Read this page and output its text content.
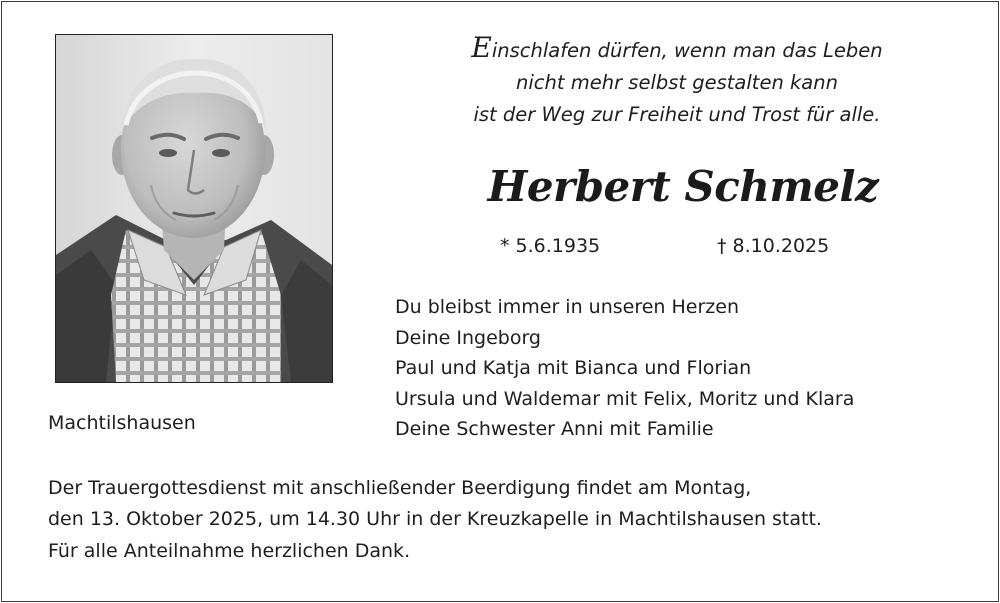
Einschlafen dürfen, wenn man das Leben
nicht mehr selbst gestalten kann
ist der Weg zur Freiheit und Trost für alle.
Herbert Schmelz
* 5.6.1935	† 8.10.2025
Du bleibst immer in unseren Herzen
Deine Ingeborg
Paul und Katja mit Bianca und Florian
Ursula und Waldemar mit Felix, Moritz und Klara
Deine Schwester Anni mit Familie
Machtilshausen
Der Trauergottesdienst mit anschließender Beerdigung findet am Montag,
den 13. Oktober 2025, um 14.30 Uhr in der Kreuzkapelle in Machtilshausen statt.
Für alle Anteilnahme herzlichen Dank.
